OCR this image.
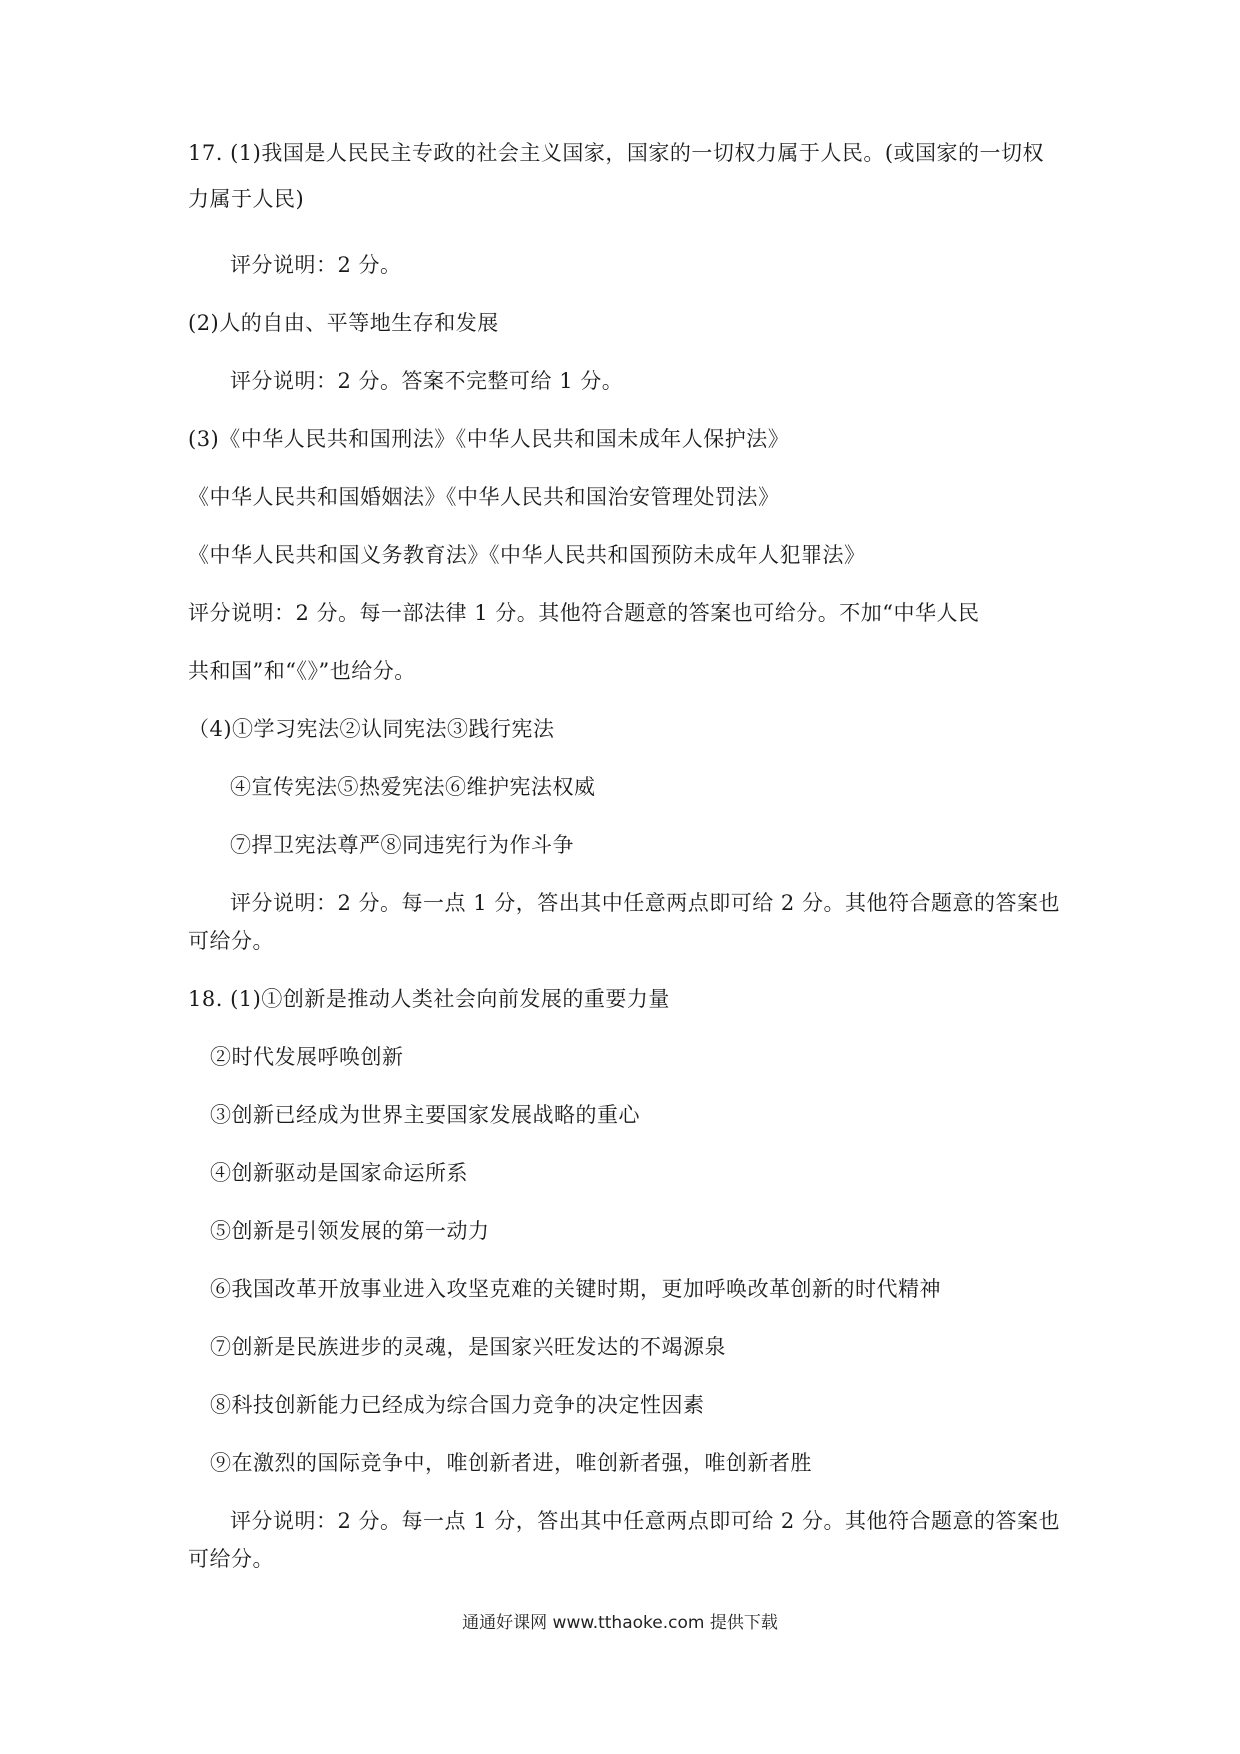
17. (1)我国是人民民主专政的社会主义国家，国家的一切权力属于人民。(或国家的一切权
力属于人民)
评分说明：2 分。
(2)人的自由、平等地生存和发展
评分说明：2 分。答案不完整可给 1 分。
(3)《中华人民共和国刑法》《中华人民共和国未成年人保护法》
《中华人民共和国婚姻法》《中华人民共和国治安管理处罚法》
《中华人民共和国义务教育法》《中华人民共和国预防未成年人犯罪法》
评分说明：2 分。每一部法律 1 分。其他符合题意的答案也可给分。不加“中华人民
共和国”和“《》”也给分。
（4)①学习宪法②认同宪法③践行宪法
④宣传宪法⑤热爱宪法⑥维护宪法权威
⑦捍卫宪法尊严⑧同违宪行为作斗争
评分说明：2 分。每一点 1 分，答出其中任意两点即可给 2 分。其他符合题意的答案也
可给分。
18. (1)①创新是推动人类社会向前发展的重要力量
②时代发展呼唤创新
③创新已经成为世界主要国家发展战略的重心
④创新驱动是国家命运所系
⑤创新是引领发展的第一动力
⑥我国改革开放事业进入攻坚克难的关键时期，更加呼唤改革创新的时代精神
⑦创新是民族进步的灵魂，是国家兴旺发达的不竭源泉
⑧科技创新能力已经成为综合国力竞争的决定性因素
⑨在激烈的国际竞争中，唯创新者进，唯创新者强，唯创新者胜
评分说明：2 分。每一点 1 分，答出其中任意两点即可给 2 分。其他符合题意的答案也
可给分。
通通好课网 www.tthaoke.com 提供下载
